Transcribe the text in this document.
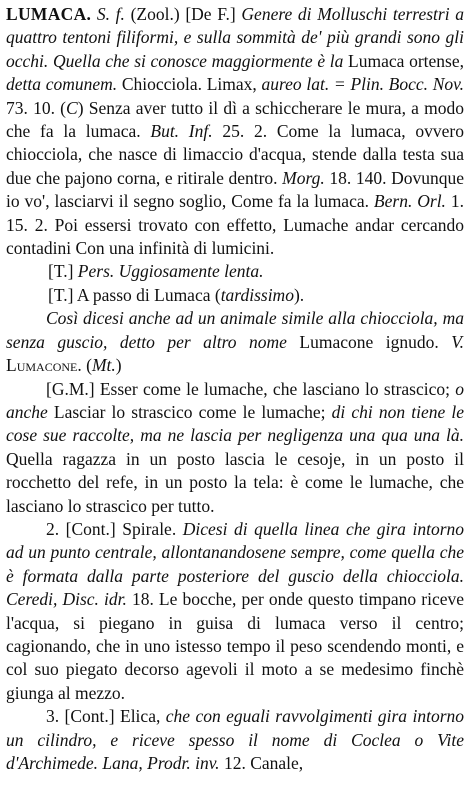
LUMACA. S. f. (Zool.) [De F.] Genere di Molluschi terrestri a quattro tentoni filiformi, e sulla sommità de' più grandi sono gli occhi. Quella che si conosce maggiormente è la Lumaca ortense, detta comunem. Chiocciola. Limax, aureo lat. = Plin. Bocc. Nov. 73. 10. (C) Senza aver tutto il dì a schiccherare le mura, a modo che fa la lumaca. But. Inf. 25. 2. Come la lumaca, ovvero chiocciola, che nasce di limaccio d'acqua, stende dalla testa sua due che pajono corna, e ritirale dentro. Morg. 18. 140. Dovunque io vo', lasciarvi il segno soglio, Come fa la lumaca. Bern. Orl. 1. 15. 2. Poi essersi trovato con effetto, Lumache andar cercando contadini Con una infinità di lumicini.

[T.] Pers. Uggiosamente lenta.

[T.] A passo di Lumaca (tardissimo).

Così dicesi anche ad un animale simile alla chiocciola, ma senza guscio, detto per altro nome Lumacone ignudo. V. Lumacone. (Mt.)

[G.M.] Esser come le lumache, che lasciano lo strascico; o anche Lasciar lo strascico come le lumache; di chi non tiene le cose sue raccolte, ma ne lascia per negligenza una qua una là. Quella ragazza in un posto lascia le cesoje, in un posto il rocchetto del refe, in un posto la tela: è come le lumache, che lasciano lo strascico per tutto.

2. [Cont.] Spirale. Dicesi di quella linea che gira intorno ad un punto centrale, allontanandosene sempre, come quella che è formata dalla parte posteriore del guscio della chiocciola. Ceredi, Disc. idr. 18. Le bocche, per onde questo timpano riceve l'acqua, si piegano in guisa di lumaca verso il centro; cagionando, che in uno istesso tempo il peso scendendo monti, e col suo piegato decorso agevoli il moto a se medesimo finchè giunga al mezzo.

3. [Cont.] Elica, che con eguali ravvolgimenti gira intorno un cilindro, e riceve spesso il nome di Coclea o Vite d'Archimede. Lana, Prodr. inv. 12. Canale,
